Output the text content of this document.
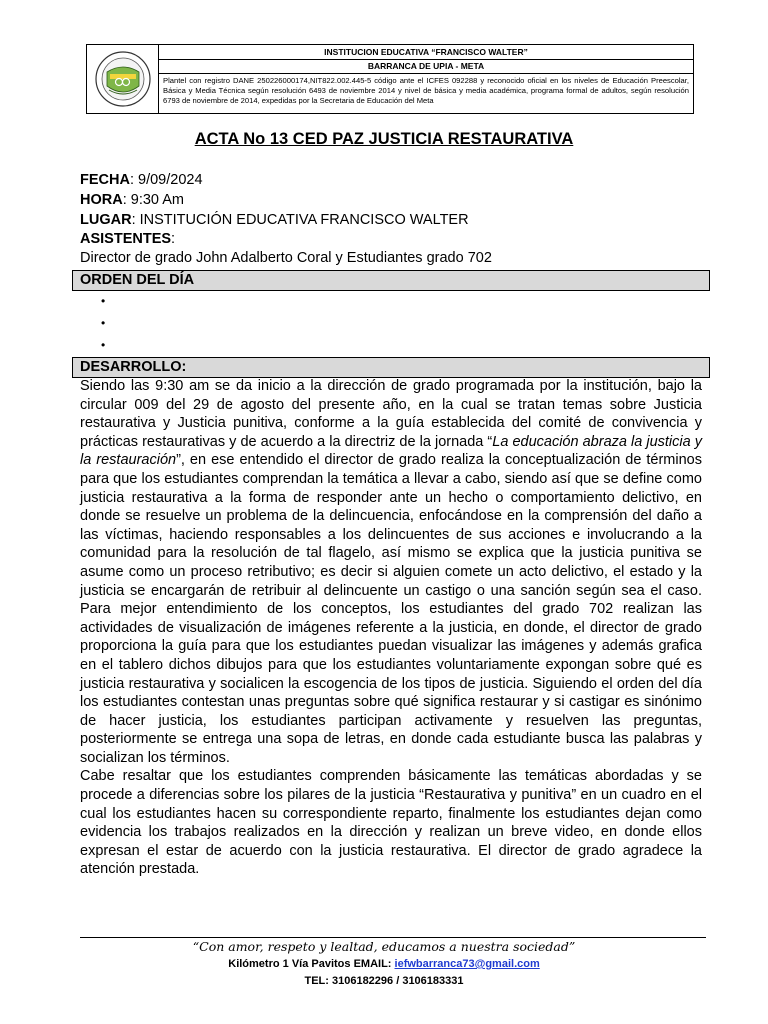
INSTITUCION EDUCATIVA “FRANCISCO WALTER”
BARRANCA DE UPIA - META
Plantel con registro DANE 250226000174,NIT822.002.445-5 código ante el ICFES 092288 y reconocido oficial en los niveles de Educación Preescolar, Básica y Media Técnica según resolución 6493 de noviembre 2014 y nivel de básica y media académica, programa formal de adultos, según resolución 6793 de noviembre de 2014, expedidas por la Secretaria de Educación del Meta
ACTA No 13 CED PAZ JUSTICIA RESTAURATIVA
FECHA: 9/09/2024
HORA: 9:30 Am
LUGAR: INSTITUCIÓN EDUCATIVA FRANCISCO WALTER
ASISTENTES:
Director de grado John Adalberto Coral y Estudiantes grado 702
ORDEN DEL DÍA
•
•
•
DESARROLLO:

Siendo las 9:30 am se da inicio a la dirección de grado programada por la institución, bajo la circular 009 del 29 de agosto del presente año, en la cual se tratan temas sobre Justicia restaurativa y Justicia punitiva, conforme a la guía establecida del comité de convivencia y prácticas restaurativas y de acuerdo a la directriz de la jornada “La educación abraza la justicia y la restauración”, en ese entendido el director de grado realiza la conceptualización de términos para que los estudiantes comprendan la temática a llevar a cabo, siendo así que se define como justicia restaurativa a la forma de responder ante un hecho o comportamiento delictivo, en donde se resuelve un problema de la delincuencia, enfocándose en la comprensión del daño a las víctimas, haciendo responsables a los delincuentes de sus acciones e involucrando a la comunidad para la resolución de tal flagelo, así mismo se explica que la justicia punitiva se asume como un proceso retributivo; es decir si alguien comete un acto delictivo, el estado y la justicia se encargarán de retribuir al delincuente un castigo o una sanción según sea el caso. Para mejor entendimiento de los conceptos, los estudiantes del grado 702 realizan las actividades de visualización de imágenes referente a la justicia, en donde, el director de grado proporciona la guía para que los estudiantes puedan visualizar las imágenes y además grafica en el tablero dichos dibujos para que los estudiantes voluntariamente expongan sobre qué es justicia restaurativa y socialicen la escogencia de los tipos de justicia. Siguiendo el orden del día los estudiantes contestan unas preguntas sobre qué significa restaurar y si castigar es sinónimo de hacer justicia, los estudiantes participan activamente y resuelven las preguntas, posteriormente se entrega una sopa de letras, en donde cada estudiante busca las palabras y socializan los términos.

Cabe resaltar que los estudiantes comprenden básicamente las temáticas abordadas y se procede a diferencias sobre los pilares de la justicia “Restaurativa y punitiva” en un cuadro en el cual los estudiantes hacen su correspondiente reparto, finalmente los estudiantes dejan como evidencia los trabajos realizados en la dirección y realizan un breve video, en donde ellos expresan el estar de acuerdo con la justicia restaurativa. El director de grado agradece la atención prestada.

“Con amor, respeto y lealtad, educamos a nuestra sociedad”
Kilómetro 1 Vía Pavitos EMAIL: iefwbarranca73@gmail.com
TEL: 3106182296 / 3106183331
